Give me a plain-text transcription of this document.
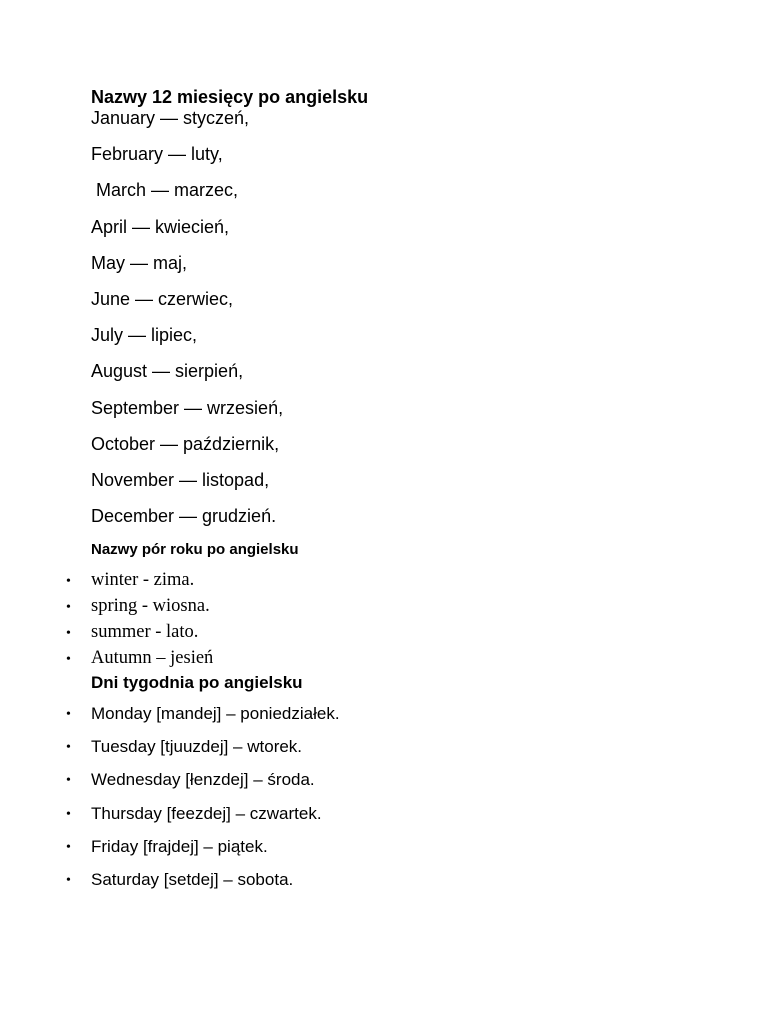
Nazwy 12 miesięcy po angielsku
January — styczeń,
February — luty,
March — marzec,
April — kwiecień,
May — maj,
June — czerwiec,
July — lipiec,
August — sierpień,
September — wrzesień,
October — październik,
November — listopad,
December — grudzień.
Nazwy pór roku po angielsku
• winter - zima.
• spring - wiosna.
• summer - lato.
• Autumn – jesień
Dni tygodnia po angielsku
• Monday [mandej] – poniedziałek.
• Tuesday [tjuuzdej] – wtorek.
• Wednesday [łenzdej] – środa.
• Thursday [feezdej] – czwartek.
• Friday [frajdej] – piątek.
• Saturday [setdej] – sobota.
